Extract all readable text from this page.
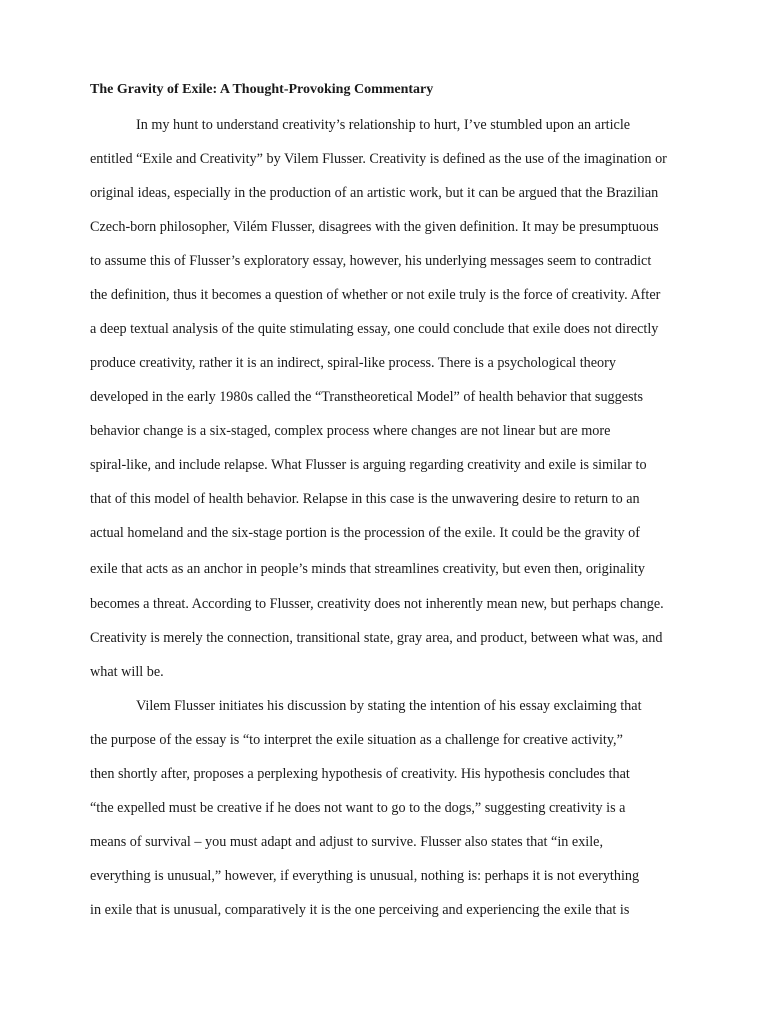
The Gravity of Exile: A Thought-Provoking Commentary
In my hunt to understand creativity’s relationship to hurt, I’ve stumbled upon an article
entitled “Exile and Creativity” by Vilem Flusser. Creativity is defined as the use of the imagination or
original ideas, especially in the production of an artistic work, but it can be argued that the Brazilian
Czech-born philosopher, Vilém Flusser, disagrees with the given definition. It may be presumptuous
to assume this of Flusser’s exploratory essay, however, his underlying messages seem to contradict
the definition, thus it becomes a question of whether or not exile truly is the force of creativity. After
a deep textual analysis of the quite stimulating essay, one could conclude that exile does not directly
produce creativity, rather it is an indirect, spiral-like process. There is a psychological theory
developed in the early 1980s called the “Transtheoretical Model” of health behavior that suggests
behavior change is a six-staged, complex process where changes are not linear but are more
spiral-like, and include relapse. What Flusser is arguing regarding creativity and exile is similar to
that of this model of health behavior. Relapse in this case is the unwavering desire to return to an
actual homeland and the six-stage portion is the procession of the exile. It could be the gravity of
exile that acts as an anchor in people’s minds that streamlines creativity, but even then, originality
becomes a threat. According to Flusser, creativity does not inherently mean new, but perhaps change.
Creativity is merely the connection, transitional state, gray area, and product, between what was, and
what will be.
Vilem Flusser initiates his discussion by stating the intention of his essay exclaiming that
the purpose of the essay is “to interpret the exile situation as a challenge for creative activity,”
then shortly after, proposes a perplexing hypothesis of creativity. His hypothesis concludes that
“the expelled must be creative if he does not want to go to the dogs,” suggesting creativity is a
means of survival – you must adapt and adjust to survive. Flusser also states that “in exile,
everything is unusual,” however, if everything is unusual, nothing is: perhaps it is not everything
in exile that is unusual, comparatively it is the one perceiving and experiencing the exile that is
